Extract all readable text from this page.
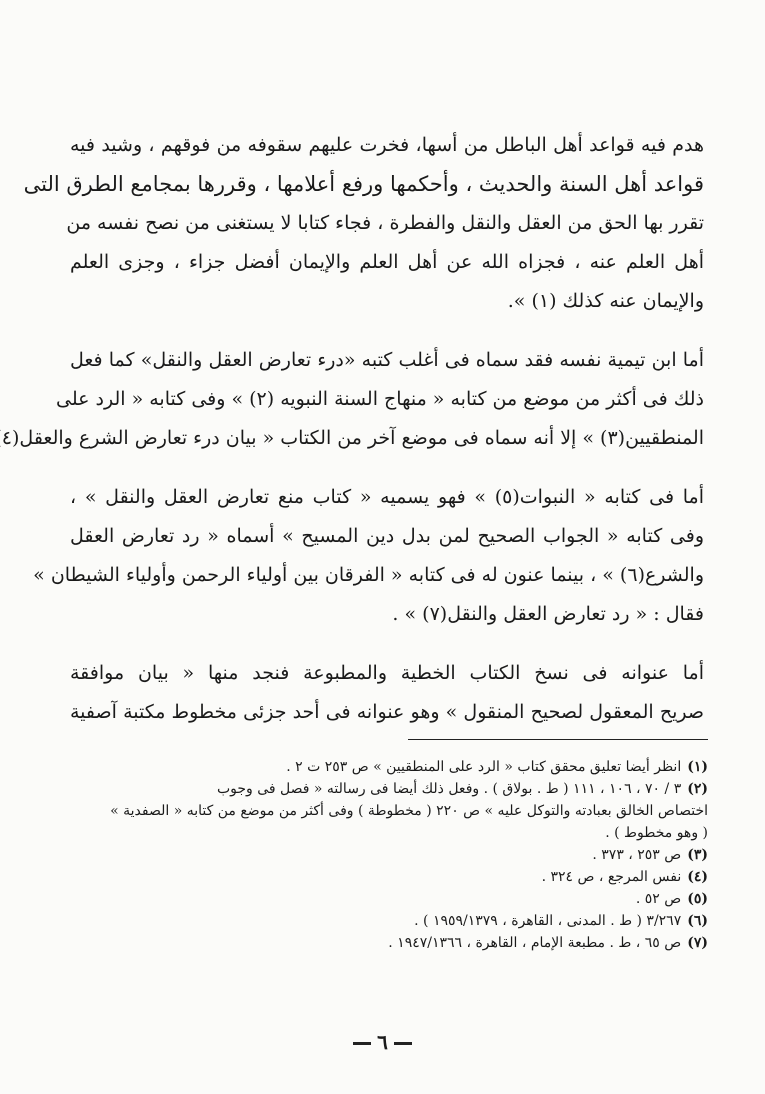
هدم فيه قواعد أهل الباطل من أسها، فخرت عليهم سقوفه من فوقهم ، وشيد فيه
قواعد أهل السنة والحديث ، وأحكمها ورفع أعلامها ، وقررها بمجامع الطرق التى
تقرر بها الحق من العقل والنقل والفطرة ، فجاء كتابا لا يستغنى من نصح نفسه من
أهل العلم عنه ، فجزاه الله عن أهل العلم والإيمان أفضل جزاء ، وجزى العلم
والإيمان عنه كذلك (١) ».

أما ابن تيمية نفسه فقد سماه فى أغلب كتبه «درء تعارض العقل والنقل» كما فعل
ذلك فى أكثر من موضع من كتابه « منهاج السنة النبويه (٢) » وفى كتابه « الرد على
المنطقيين(٣) » إلا أنه سماه فى موضع آخر من الكتاب « بيان درء تعارض الشرع والعقل(٤

أما فى كتابه « النبوات(٥) » فهو يسميه « كتاب منع تعارض العقل والنقل » ،
وفى كتابه « الجواب الصحيح لمن بدل دين المسيح » أسماه « رد تعارض العقل
والشرع(٦) » ، بينما عنون له فى كتابه « الفرقان بين أولياء الرحمن وأولياء الشيطان »
فقال : « رد تعارض العقل والنقل(٧) » .

أما عنوانه فى نسخ الكتاب الخطية والمطبوعة فنجد منها « بيان موافقة
صريح المعقول لصحيح المنقول » وهو عنوانه فى أحد جزئى مخطوط مكتبة آصفية

(١)انظر أيضا تعليق محقق كتاب « الرد على المنطقيين » ص ٢٥٣ ت ٢ .
(٢)٣ / ٧٠ ، ١٠٦ ، ١١١ ( ط . بولاق ) . وفعل ذلك أيضا فى رسالته « فصل فى وجوب
اختصاص الخالق بعبادته والتوكل عليه » ص ٢٢٠ ( مخطوطة ) وفى أكثر من موضع من كتابه « الصفدية »
( وهو مخطوط ) .
(٣)ص ٢٥٣ ، ٣٧٣ .
(٤)نفس المرجع ، ص ٣٢٤ .
(٥)ص ٥٢ .
(٦)٣/٢٦٧ ( ط . المدنى ، القاهرة ، ١٩٥٩/١٣٧٩ ) .
(٧)ص ٦٥ ، ط . مطبعة الإمام ، القاهرة ، ١٩٤٧/١٣٦٦ .
٦
